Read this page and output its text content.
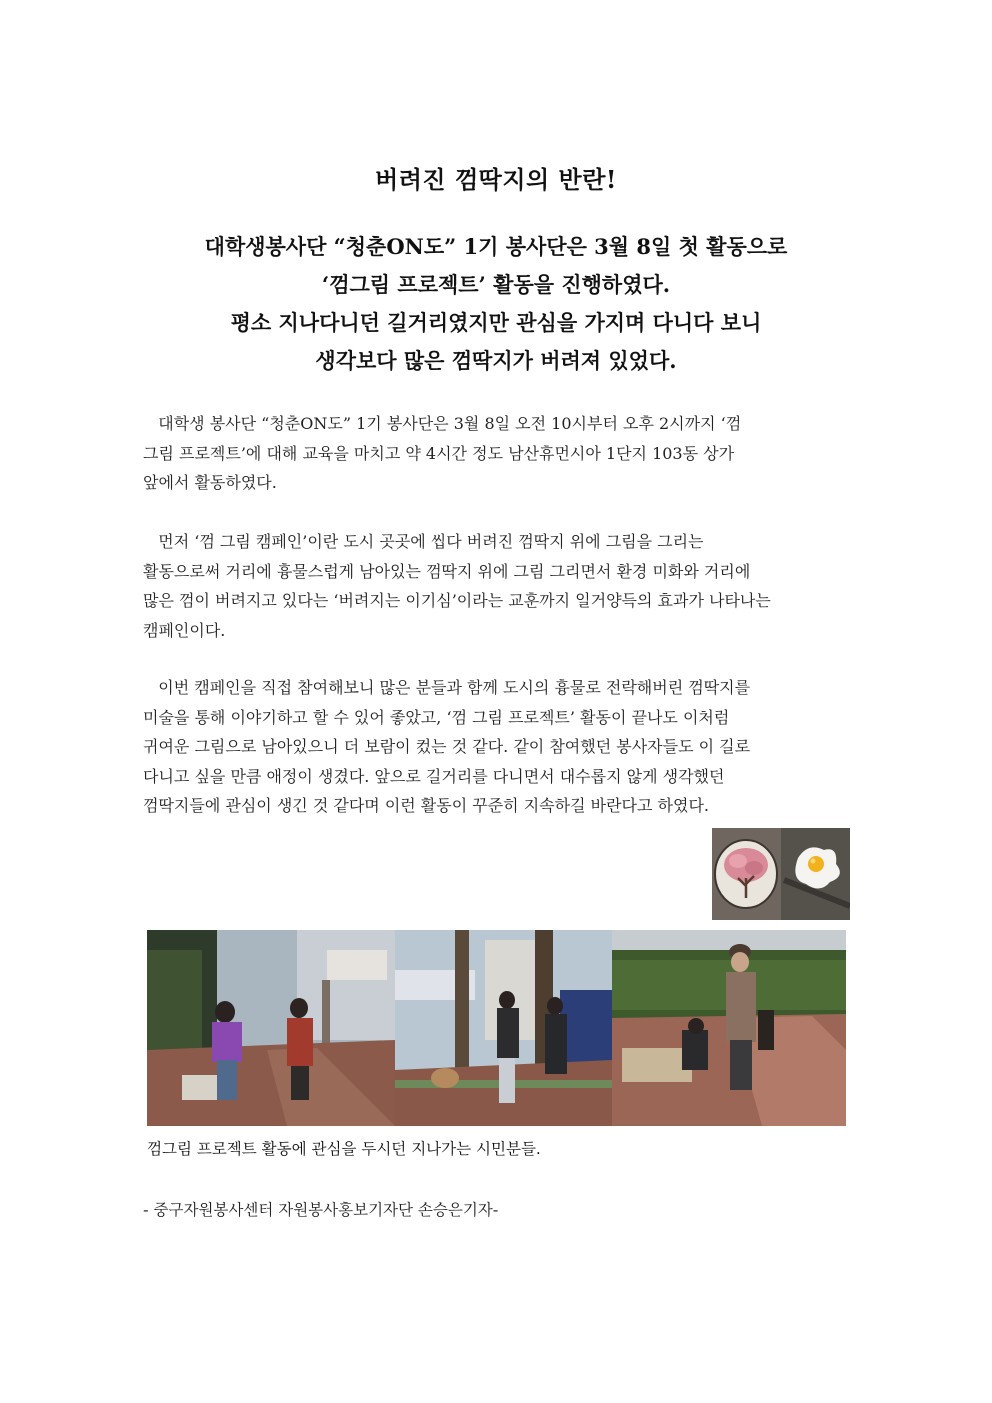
버려진 껌딱지의 반란!
대학생봉사단 “청춘ON도” 1기 봉사단은 3월 8일 첫 활동으로
‘껌그림 프로젝트’ 활동을 진행하였다.
평소 지나다니던 길거리였지만 관심을 가지며 다니다 보니
생각보다 많은 껌딱지가 버려져 있었다.
대학생 봉사단 “청춘ON도” 1기 봉사단은 3월 8일 오전 10시부터 오후 2시까지 ‘껌
그림 프로젝트’에 대해 교육을 마치고 약 4시간 정도 남산휴먼시아 1단지 103동 상가
앞에서 활동하였다.
먼저 ‘껌 그림 캠페인’이란 도시 곳곳에 씹다 버려진 껌딱지 위에 그림을 그리는
활동으로써 거리에 흉물스럽게 남아있는 껌딱지 위에 그림 그리면서 환경 미화와 거리에
많은 껌이 버려지고 있다는 ‘버려지는 이기심’이라는 교훈까지 일거양득의 효과가 나타나는
캠페인이다.
이번 캠페인을 직접 참여해보니 많은 분들과 함께 도시의 흉물로 전락해버린 껌딱지를
미술을 통해 이야기하고 할 수 있어 좋았고, ‘껌 그림 프로젝트’ 활동이 끝나도 이처럼
귀여운 그림으로 남아있으니 더 보람이 컸는 것 같다. 같이 참여했던 봉사자들도 이 길로
다니고 싶을 만큼 애정이 생겼다. 앞으로 길거리를 다니면서 대수롭지 않게 생각했던
껌딱지들에 관심이 생긴 것 같다며 이런 활동이 꾸준히 지속하길 바란다고 하였다.
껌그림 프로젝트 활동에 관심을 두시던 지나가는 시민분들.
- 중구자원봉사센터 자원봉사홍보기자단 손승은기자-
